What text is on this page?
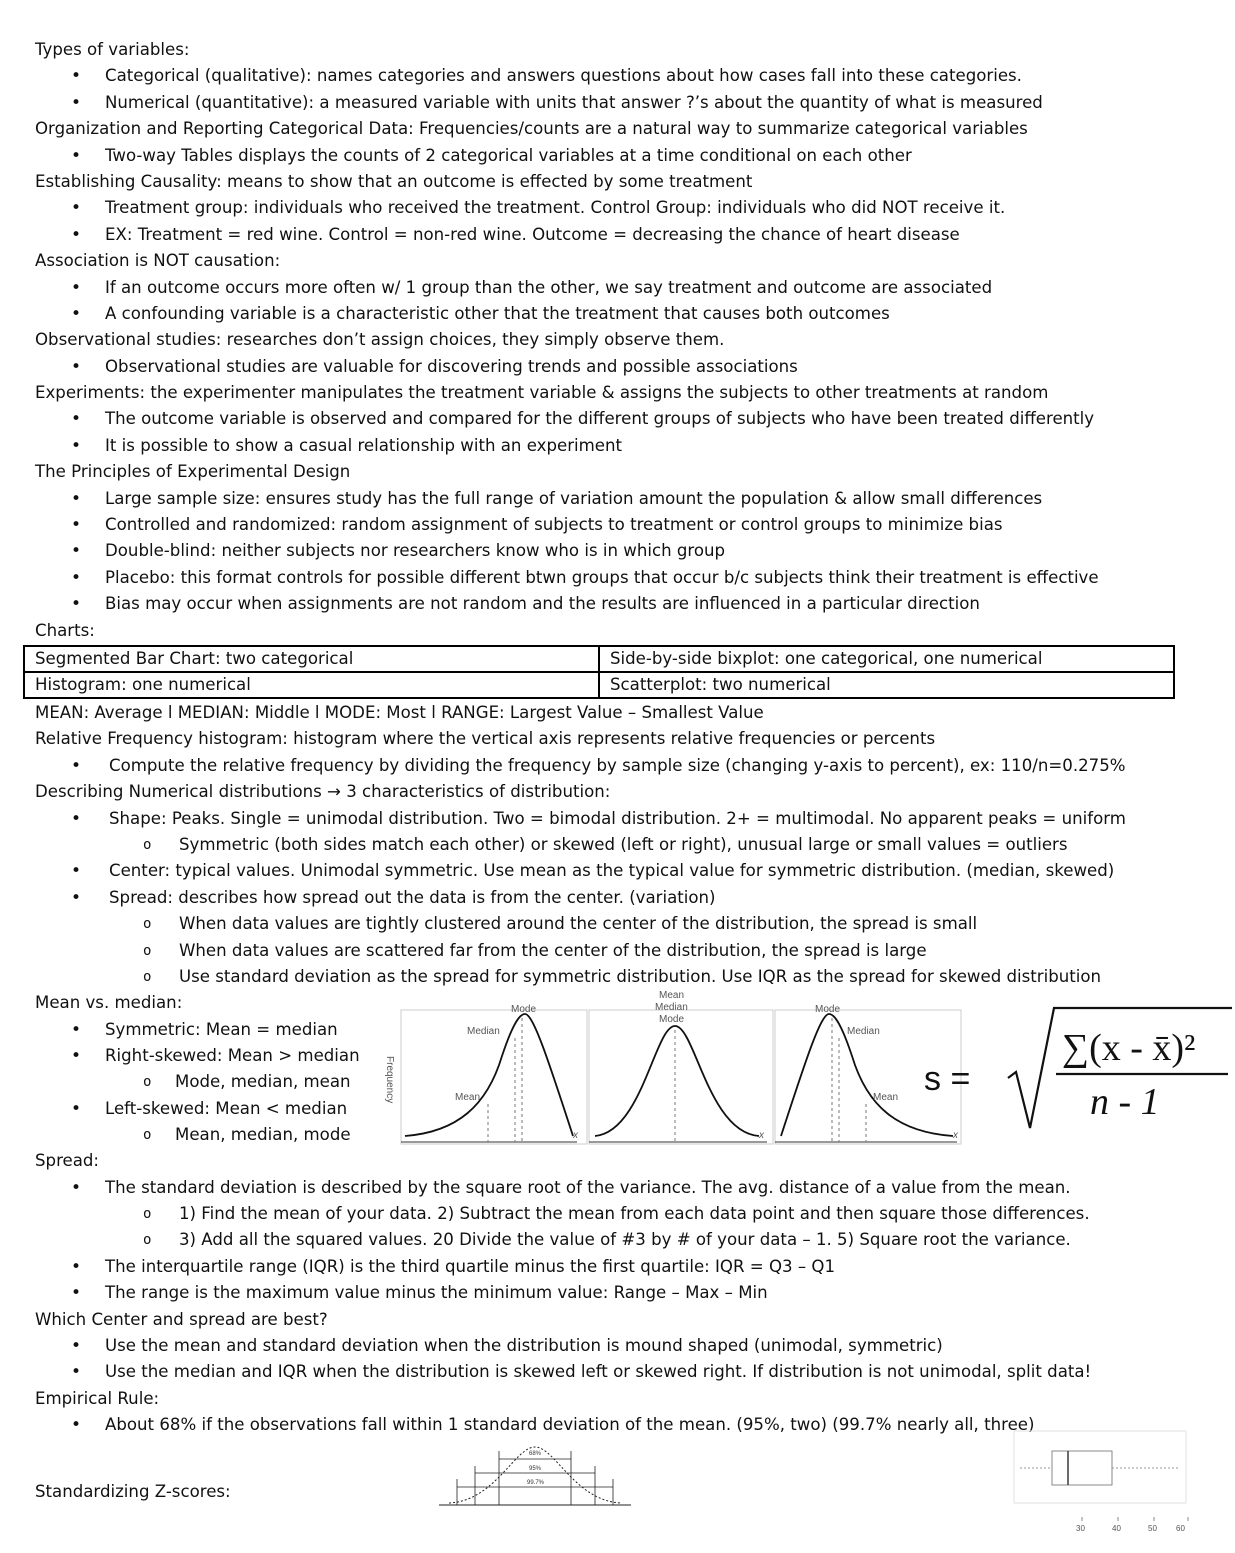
Types of variables:
• Categorical (qualitative): names categories and answers questions about how cases fall into these categories.
• Numerical (quantitative): a measured variable with units that answer ?’s about the quantity of what is measured
Organization and Reporting Categorical Data: Frequencies/counts are a natural way to summarize categorical variables
• Two-way Tables displays the counts of 2 categorical variables at a time conditional on each other
Establishing Causality: means to show that an outcome is effected by some treatment
• Treatment group: individuals who received the treatment. Control Group: individuals who did NOT receive it.
• EX: Treatment = red wine. Control = non-red wine. Outcome = decreasing the chance of heart disease
Association is NOT causation:
• If an outcome occurs more often w/ 1 group than the other, we say treatment and outcome are associated
• A confounding variable is a characteristic other that the treatment that causes both outcomes
Observational studies: researches don’t assign choices, they simply observe them.
• Observational studies are valuable for discovering trends and possible associations
Experiments: the experimenter manipulates the treatment variable & assigns the subjects to other treatments at random
• The outcome variable is observed and compared for the different groups of subjects who have been treated differently
• It is possible to show a casual relationship with an experiment
The Principles of Experimental Design
• Large sample size: ensures study has the full range of variation amount the population & allow small differences
• Controlled and randomized: random assignment of subjects to treatment or control groups to minimize bias
• Double-blind: neither subjects nor researchers know who is in which group
• Placebo: this format controls for possible different btwn groups that occur b/c subjects think their treatment is effective
• Bias may occur when assignments are not random and the results are influenced in a particular direction
Charts:
Segmented Bar Chart: two categorical	Side-by-side bixplot: one categorical, one numerical
Histogram: one numerical	Scatterplot: two numerical
MEAN: Average l MEDIAN: Middle l MODE: Most l RANGE: Largest Value – Smallest Value
Relative Frequency histogram: histogram where the vertical axis represents relative frequencies or percents
• Compute the relative frequency by dividing the frequency by sample size (changing y-axis to percent), ex: 110/n=0.275%
Describing Numerical distributions → 3 characteristics of distribution:
• Shape: Peaks. Single = unimodal distribution. Two = bimodal distribution. 2+ = multimodal. No apparent peaks = uniform
o Symmetric (both sides match each other) or skewed (left or right), unusual large or small values = outliers
• Center: typical values. Unimodal symmetric. Use mean as the typical value for symmetric distribution. (median, skewed)
• Spread: describes how spread out the data is from the center. (variation)
o When data values are tightly clustered around the center of the distribution, the spread is small
o When data values are scattered far from the center of the distribution, the spread is large
o Use standard deviation as the spread for symmetric distribution. Use IQR as the spread for skewed distribution
Mean vs. median:
• Symmetric: Mean = median
• Right-skewed: Mean > median
o Mode, median, mean
• Left-skewed: Mean < median
o Mean, median, mode
Mode
Median
Mean
x
Frequency
Mean
Median
Mode
x
Mode
Median
Mean
x
s =
∑(x - x̄)²
n - 1
Spread:
• The standard deviation is described by the square root of the variance. The avg. distance of a value from the mean.
o 1) Find the mean of your data. 2) Subtract the mean from each data point and then square those differences.
o 3) Add all the squared values. 20 Divide the value of #3 by # of your data – 1. 5) Square root the variance.
• The interquartile range (IQR) is the third quartile minus the first quartile: IQR = Q3 – Q1
• The range is the maximum value minus the minimum value: Range – Max – Min
Which Center and spread are best?
• Use the mean and standard deviation when the distribution is mound shaped (unimodal, symmetric)
• Use the median and IQR when the distribution is skewed left or skewed right. If distribution is not unimodal, split data!
Empirical Rule:
• About 68% if the observations fall within 1 standard deviation of the mean. (95%, two) (99.7% nearly all, three)
Standardizing Z-scores:
68%
95%
99.7%
30	40	50 60
